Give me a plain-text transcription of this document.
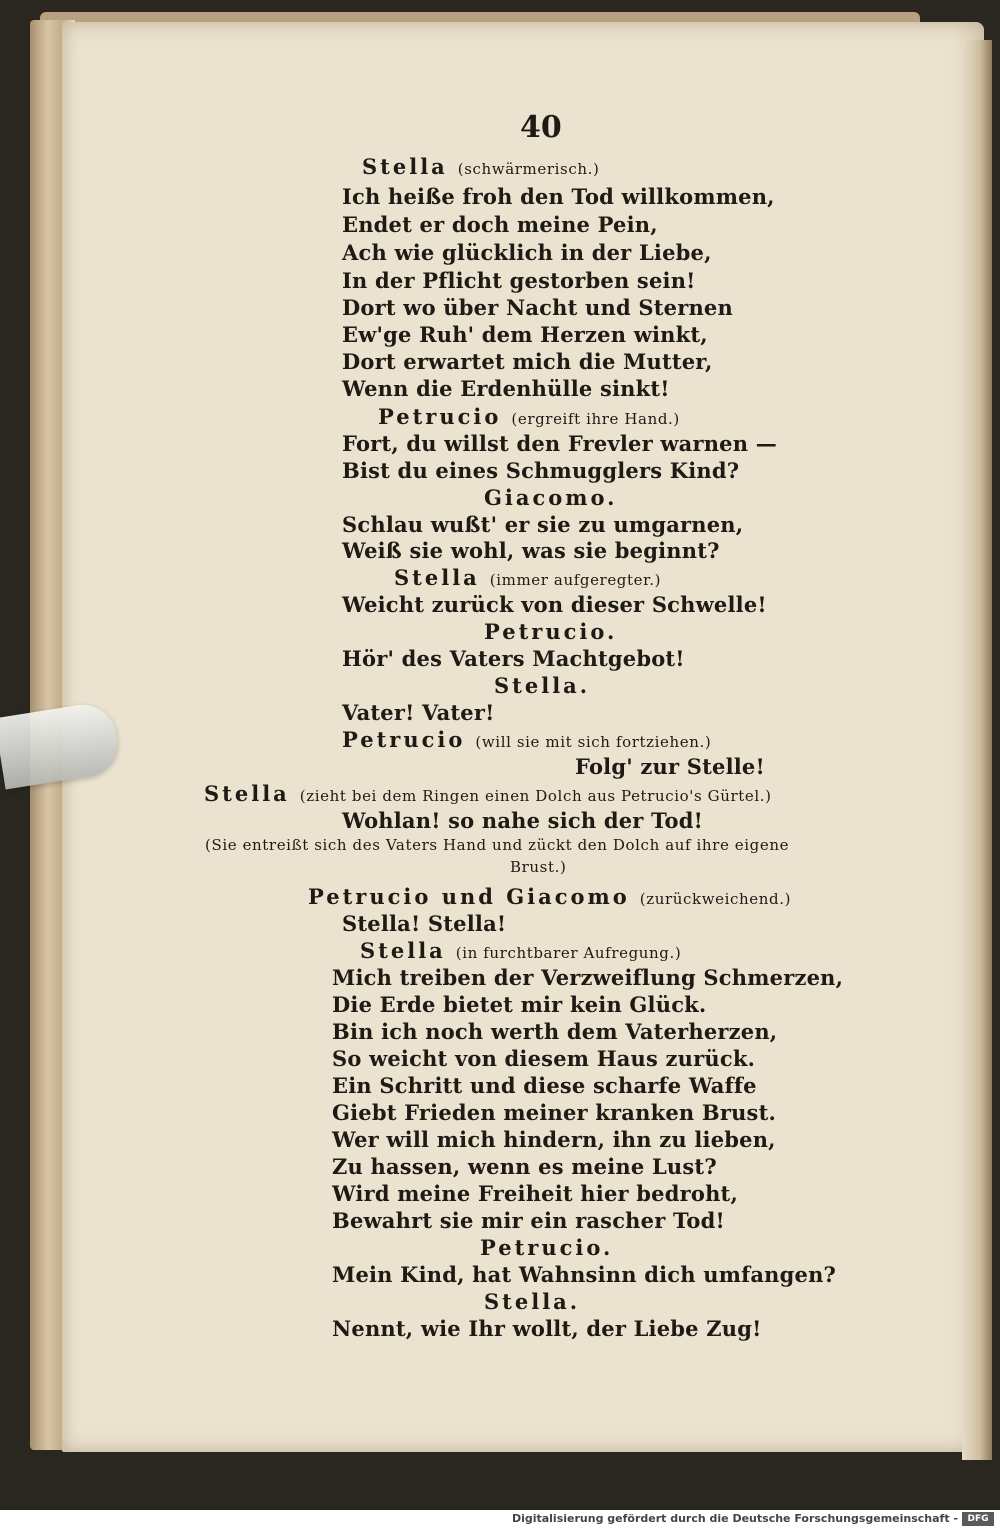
40
Stella (schwärmerisch.)
Ich heiße froh den Tod willkommen,
Endet er doch meine Pein,
Ach wie glücklich in der Liebe,
In der Pflicht gestorben sein!
Dort wo über Nacht und Sternen
Ew'ge Ruh' dem Herzen winkt,
Dort erwartet mich die Mutter,
Wenn die Erdenhülle sinkt!
Petrucio (ergreift ihre Hand.)
Fort, du willst den Frevler warnen —
Bist du eines Schmugglers Kind?
Giacomo.
Schlau wußt' er sie zu umgarnen,
Weiß sie wohl, was sie beginnt?
Stella (immer aufgeregter.)
Weicht zurück von dieser Schwelle!
Petrucio.
Hör' des Vaters Machtgebot!
Stella.
Vater! Vater!
Petrucio (will sie mit sich fortziehen.)
Folg' zur Stelle!
Stella (zieht bei dem Ringen einen Dolch aus Petrucio's Gürtel.)
Wohlan! so nahe sich der Tod!
(Sie entreißt sich des Vaters Hand und zückt den Dolch auf ihre eigene
Brust.)
Petrucio und Giacomo (zurückweichend.)
Stella! Stella!
Stella (in furchtbarer Aufregung.)
Mich treiben der Verzweiflung Schmerzen,
Die Erde bietet mir kein Glück.
Bin ich noch werth dem Vaterherzen,
So weicht von diesem Haus zurück.
Ein Schritt und diese scharfe Waffe
Giebt Frieden meiner kranken Brust.
Wer will mich hindern, ihn zu lieben,
Zu hassen, wenn es meine Lust?
Wird meine Freiheit hier bedroht,
Bewahrt sie mir ein rascher Tod!
Petrucio.
Mein Kind, hat Wahnsinn dich umfangen?
Stella.
Nennt, wie Ihr wollt, der Liebe Zug!
Digitalisierung gefördert durch die Deutsche Forschungsgemeinschaft -	DFG
